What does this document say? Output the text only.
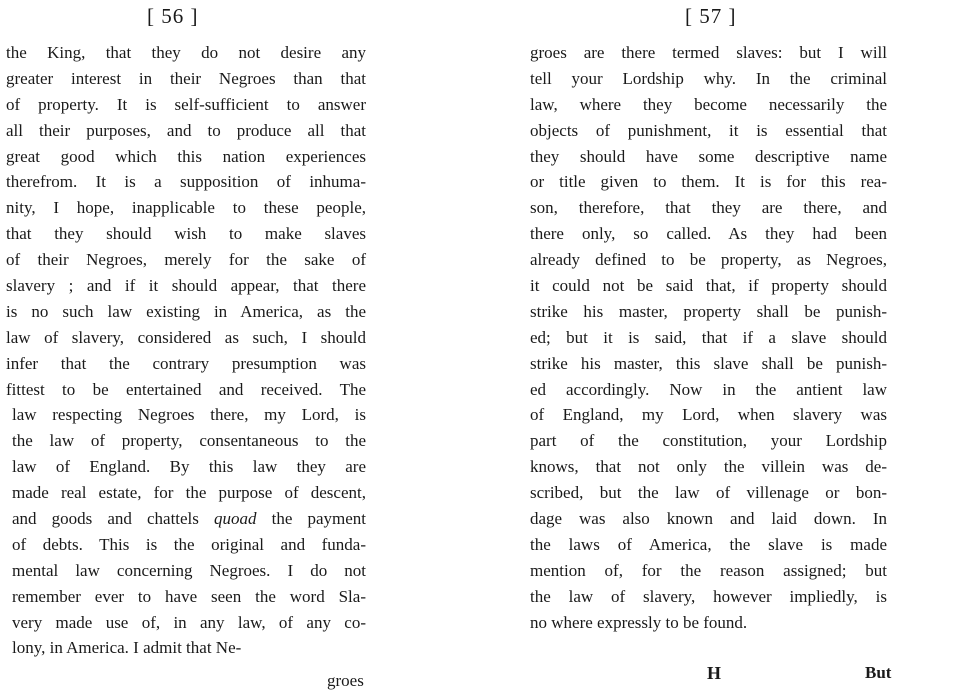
[ 56 ]
the King, that they do not desire any
greater interest in their Negroes than that
of property. It is self-sufficient to answer
all their purposes, and to produce all that
great good which this nation experiences
therefrom. It is a supposition of inhuma-
nity, I hope, inapplicable to these people,
that they should wish to make slaves
of their Negroes, merely for the sake of
slavery ; and if it should appear, that there
is no such law existing in America, as the
law of slavery, considered as such, I should
infer that the contrary presumption was
fittest to be entertained and received. The
law respecting Negroes there, my Lord, is
the law of property, consentaneous to the
law of England. By this law they are
made real estate, for the purpose of descent,
and goods and chattels quoad the payment
of debts. This is the original and funda-
mental law concerning Negroes. I do not
remember ever to have seen the word Sla-
very made use of, in any law, of any co-
lony, in America. I admit that Ne-
groes
[ 57 ]
groes are there termed slaves: but I will
tell your Lordship why. In the criminal
law, where they become necessarily the
objects of punishment, it is essential that
they should have some descriptive name
or title given to them. It is for this rea-
son, therefore, that they are there, and
there only, so called. As they had been
already defined to be property, as Negroes,
it could not be said that, if property should
strike his master, property shall be punish-
ed; but it is said, that if a slave should
strike his master, this slave shall be punish-
ed accordingly. Now in the antient law
of England, my Lord, when slavery was
part of the constitution, your Lordship
knows, that not only the villein was de-
scribed, but the law of villenage or bon-
dage was also known and laid down. In
the laws of America, the slave is made
mention of, for the reason assigned; but
the law of slavery, however impliedly, is
no where expressly to be found.
H	But
